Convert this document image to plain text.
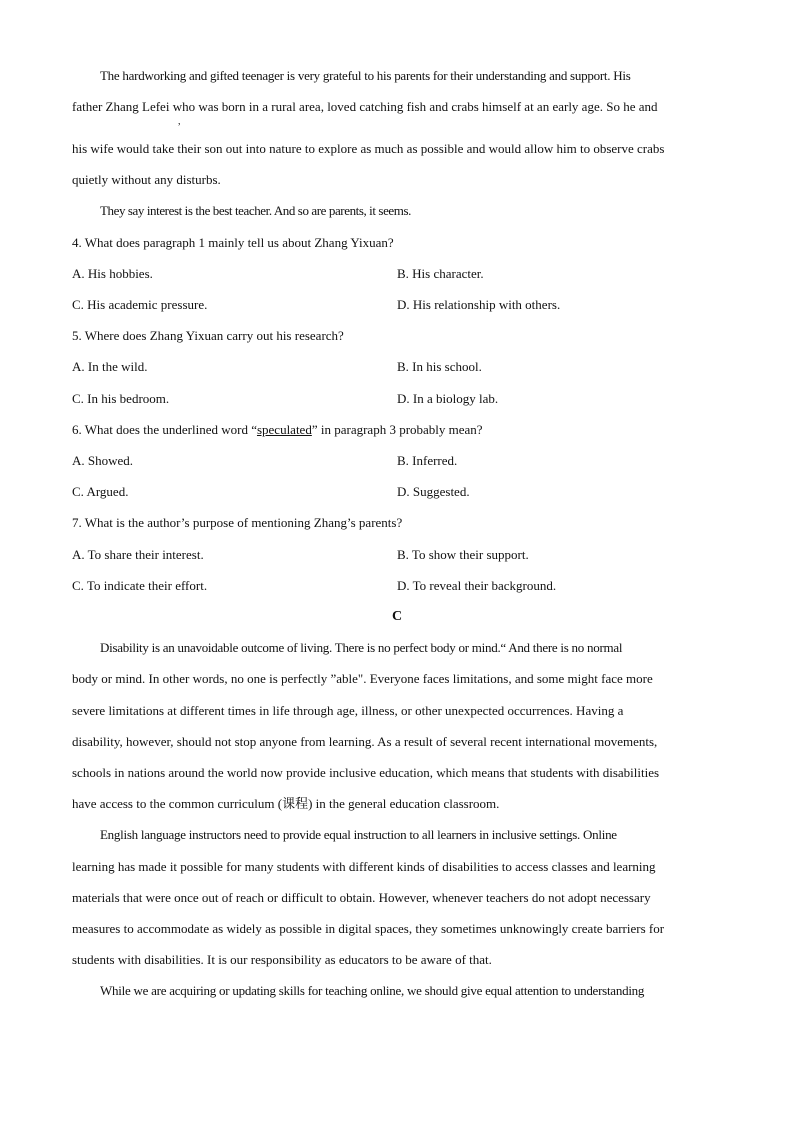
The hardworking and gifted teenager is very grateful to his parents for their understanding and support. His
father Zhang Lefei who was born in a rural area, loved catching fish and crabs himself at an early age. So he and
,
his wife would take their son out into nature to explore as much as possible and would allow him to observe crabs
quietly without any disturbs.
They say interest is the best teacher. And so are parents, it seems.
4. What does paragraph 1 mainly tell us about Zhang Yixuan?
A. His hobbies.	B. His character.
C. His academic pressure.	D. His relationship with others.
5. Where does Zhang Yixuan carry out his research?
A. In the wild.	B. In his school.
C. In his bedroom.	D. In a biology lab.
6. What does the underlined word “speculated” in paragraph 3 probably mean?
A. Showed.	B. Inferred.
C. Argued.	D. Suggested.
7. What is the author’s purpose of mentioning Zhang’s parents?
A. To share their interest.	B. To show their support.
C. To indicate their effort.	D. To reveal their background.
C
Disability is an unavoidable outcome of living. There is no perfect body or mind.“ And there is no normal
body or mind. In other words, no one is perfectly ”able". Everyone faces limitations, and some might face more
severe limitations at different times in life through age, illness, or other unexpected occurrences. Having a
disability, however, should not stop anyone from learning. As a result of several recent international movements,
schools in nations around the world now provide inclusive education, which means that students with disabilities
have access to the common curriculum (课程) in the general education classroom.
English language instructors need to provide equal instruction to all learners in inclusive settings. Online
learning has made it possible for many students with different kinds of disabilities to access classes and learning
materials that were once out of reach or difficult to obtain. However, whenever teachers do not adopt necessary
measures to accommodate as widely as possible in digital spaces, they sometimes unknowingly create barriers for
students with disabilities. It is our responsibility as educators to be aware of that.
While we are acquiring or updating skills for teaching online, we should give equal attention to understanding
